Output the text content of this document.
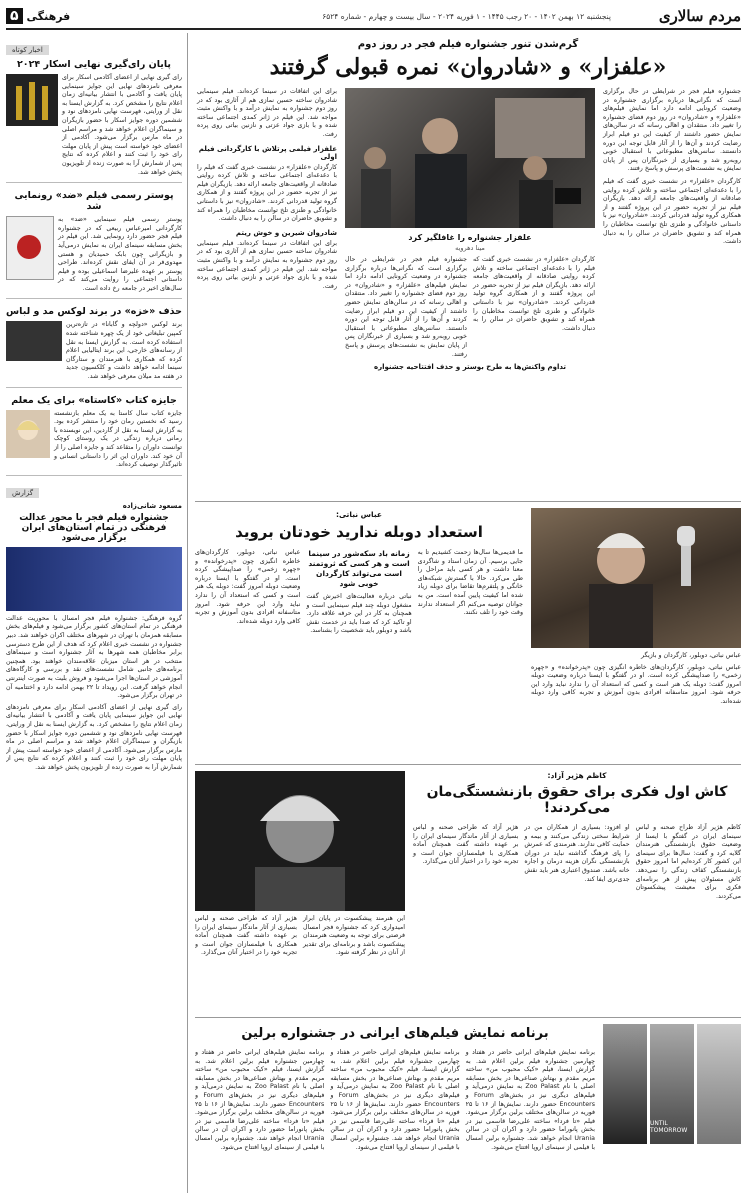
مردم سالاری
پنجشنبه ۱۲ بهمن ۱۴۰۲ - ۲۰ رجب ۱۴۴۵ - ۱ فوریه ۲۰۲۴ - سال بیست و چهارم - شماره ۶۵۲۴
فرهنگی
۵
گرم‌شدن تنور جشنواره فیلم فجر در روز دوم
«علفزار» و «شادروان» نمره قبولی گرفتند
جشنواره فیلم فجر در شرایطی در حال برگزاری است که نگرانی‌ها درباره برگزاری جشنواره در وضعیت کرونایی ادامه دارد اما نمایش فیلم‌های «علفزار» و «شادروان» در روز دوم فضای جشنواره را تغییر داد. منتقدان و اهالی رسانه که در سالن‌های نمایش حضور داشتند از کیفیت این دو فیلم ابراز رضایت کردند و آن‌ها را از آثار قابل توجه این دوره دانستند. سانس‌های مطبوعاتی با استقبال خوبی روبه‌رو شد و بسیاری از خبرنگاران پس از پایان نمایش به نشست‌های پرسش و پاسخ رفتند.
کارگردان «علفزار» در نشست خبری گفت که فیلم را با دغدغه‌ای اجتماعی ساخته و تلاش کرده روایتی صادقانه از واقعیت‌های جامعه ارائه دهد. بازیگران فیلم نیز از تجربه حضور در این پروژه گفتند و از همکاری گروه تولید قدردانی کردند. «شادروان» نیز با داستانی خانوادگی و طنزی تلخ توانست مخاطبان را همراه کند و تشویق حاضران در سالن را به دنبال داشت.
علفزار جشنواره را غافلگیر کرد
مینا دهرویه
کارگردان «علفزار» در نشست خبری گفت که فیلم را با دغدغه‌ای اجتماعی ساخته و تلاش کرده روایتی صادقانه از واقعیت‌های جامعه ارائه دهد. بازیگران فیلم نیز از تجربه حضور در این پروژه گفتند و از همکاری گروه تولید قدردانی کردند. «شادروان» نیز با داستانی خانوادگی و طنزی تلخ توانست مخاطبان را همراه کند و تشویق حاضران در سالن را به دنبال داشت.
جشنواره فیلم فجر در شرایطی در حال برگزاری است که نگرانی‌ها درباره برگزاری جشنواره در وضعیت کرونایی ادامه دارد اما نمایش فیلم‌های «علفزار» و «شادروان» در روز دوم فضای جشنواره را تغییر داد. منتقدان و اهالی رسانه که در سالن‌های نمایش حضور داشتند از کیفیت این دو فیلم ابراز رضایت کردند و آن‌ها را از آثار قابل توجه این دوره دانستند. سانس‌های مطبوعاتی با استقبال خوبی روبه‌رو شد و بسیاری از خبرنگاران پس از پایان نمایش به نشست‌های پرسش و پاسخ رفتند.
تداوم واکنش‌ها به طرح بوستر و حذف افتتاحیه جشنواره
برای این اتفاقات در سینما کرده‌اند. فیلم سینمایی شادروان ساخته حسین نمازی هم از آثاری بود که در روز دوم جشنواره به نمایش درآمد و با واکنش مثبت مواجه شد. این فیلم در ژانر کمدی اجتماعی ساخته شده و با بازی جواد عزتی و نازنین بیاتی روی پرده رفت.
علفزار فیلمی پرتلاش با کارگردانی فیلم اولی
کارگردان «علفزار» در نشست خبری گفت که فیلم را با دغدغه‌ای اجتماعی ساخته و تلاش کرده روایتی صادقانه از واقعیت‌های جامعه ارائه دهد. بازیگران فیلم نیز از تجربه حضور در این پروژه گفتند و از همکاری گروه تولید قدردانی کردند. «شادروان» نیز با داستانی خانوادگی و طنزی تلخ توانست مخاطبان را همراه کند و تشویق حاضران در سالن را به دنبال داشت.
شادروان شیرین و خوش ریتم
برای این اتفاقات در سینما کرده‌اند. فیلم سینمایی شادروان ساخته حسین نمازی هم از آثاری بود که در روز دوم جشنواره به نمایش درآمد و با واکنش مثبت مواجه شد. این فیلم در ژانر کمدی اجتماعی ساخته شده و با بازی جواد عزتی و نازنین بیاتی روی پرده رفت.
عباس نباتی، دوبلور، کارگردان و بازیگر
عباس نباتی، دوبلور، کارگردان‌های خاطره انگیزی چون «پدرخوانده» و «چهره زخمی» را صداپیشگی کرده است. او در گفتگو با ایسنا درباره وضعیت دوبله امروز گفت: دوبله یک هنر است و کسی که استعداد آن را ندارد نباید وارد این حرفه شود. امروز متاسفانه افرادی بدون آموزش و تجربه کافی وارد دوبله شده‌اند.
عباس نباتی:
استعداد دوبله ندارید خودتان بروید
ما قدیمی‌ها سال‌ها زحمت کشیدیم تا به جایی برسیم. آن زمان استاد و شاگردی معنا داشت و هر کسی باید مراحل را طی می‌کرد. حالا با گسترش شبکه‌های خانگی و پلتفرم‌ها تقاضا برای دوبله زیاد شده اما کیفیت پایین آمده است. من به جوانان توصیه می‌کنم اگر استعداد ندارند وقت خود را تلف نکنند.
زمانه باد سکه‌شور در سینما است و هر کسی که ثروتمند است می‌تواند کارگردان خوبی شود
نباتی درباره فعالیت‌های اخیرش گفت مشغول دوبله چند فیلم سینمایی است و همچنان به کار در این حرفه علاقه دارد. او تاکید کرد که صدا باید در خدمت نقش باشد و دوبلور باید شخصیت را بشناسد.
عباس نباتی، دوبلور، کارگردان‌های خاطره انگیزی چون «پدرخوانده» و «چهره زخمی» را صداپیشگی کرده است. او در گفتگو با ایسنا درباره وضعیت دوبله امروز گفت: دوبله یک هنر است و کسی که استعداد آن را ندارد نباید وارد این حرفه شود. امروز متاسفانه افرادی بدون آموزش و تجربه کافی وارد دوبله شده‌اند.
کاظم هژیر آزاد:
کاش اول فکری برای حقوق بازنشستگی‌مان می‌کردند!
کاظم هژیر آزاد طراح صحنه و لباس سینمای ایران در گفتگو با ایسنا از وضعیت حقوق بازنشستگی هنرمندان گلایه کرد و گفت: سال‌ها برای سینمای این کشور کار کرده‌ایم اما امروز حقوق بازنشستگی کفاف زندگی را نمی‌دهد. کاش مسئولان پیش از هر برنامه‌ای فکری برای معیشت پیشکسوتان می‌کردند.
او افزود: بسیاری از همکاران من در شرایط سختی زندگی می‌کنند و بیمه و حمایت کافی ندارند. هنرمندی که عمرش را پای فرهنگ گذاشته نباید در دوران بازنشستگی نگران هزینه درمان و اجاره خانه باشد. صندوق اعتباری هنر باید نقش جدی‌تری ایفا کند.
هژیر آزاد که طراحی صحنه و لباس بسیاری از آثار ماندگار سینمای ایران را بر عهده داشته گفت همچنان آماده همکاری با فیلمسازان جوان است و تجربه خود را در اختیار آنان می‌گذارد.
این هنرمند پیشکسوت در پایان ابراز امیدواری کرد که جشنواره فجر امسال فرصتی برای توجه به وضعیت هنرمندان پیشکسوت باشد و برنامه‌ای برای تقدیر از آنان در نظر گرفته شود.
هژیر آزاد که طراحی صحنه و لباس بسیاری از آثار ماندگار سینمای ایران را بر عهده داشته گفت همچنان آماده همکاری با فیلمسازان جوان است و تجربه خود را در اختیار آنان می‌گذارد.
UNTIL TOMORROW
برنامه نمایش فیلم‌های ایرانی در جشنواره برلین
برنامه نمایش فیلم‌های ایرانی حاضر در هفتاد و چهارمین جشنواره فیلم برلین اعلام شد. به گزارش ایسنا، فیلم «کیک محبوب من» ساخته مریم مقدم و بهتاش صناعی‌ها در بخش مسابقه اصلی با نام Zoo Palast به نمایش درمی‌آید و فیلم‌های دیگری نیز در بخش‌های Forum و Encounters حضور دارند. نمایش‌ها از ۱۶ تا ۲۵ فوریه در سالن‌های مختلف برلین برگزار می‌شود. فیلم «تا فردا» ساخته علی‌رضا قاسمی نیز در بخش پانوراما حضور دارد و اکران آن در سالن Urania انجام خواهد شد. جشنواره برلین امسال با فیلمی از سینمای اروپا افتتاح می‌شود.
برنامه نمایش فیلم‌های ایرانی حاضر در هفتاد و چهارمین جشنواره فیلم برلین اعلام شد. به گزارش ایسنا، فیلم «کیک محبوب من» ساخته مریم مقدم و بهتاش صناعی‌ها در بخش مسابقه اصلی با نام Zoo Palast به نمایش درمی‌آید و فیلم‌های دیگری نیز در بخش‌های Forum و Encounters حضور دارند. نمایش‌ها از ۱۶ تا ۲۵ فوریه در سالن‌های مختلف برلین برگزار می‌شود. فیلم «تا فردا» ساخته علی‌رضا قاسمی نیز در بخش پانوراما حضور دارد و اکران آن در سالن Urania انجام خواهد شد. جشنواره برلین امسال با فیلمی از سینمای اروپا افتتاح می‌شود.
برنامه نمایش فیلم‌های ایرانی حاضر در هفتاد و چهارمین جشنواره فیلم برلین اعلام شد. به گزارش ایسنا، فیلم «کیک محبوب من» ساخته مریم مقدم و بهتاش صناعی‌ها در بخش مسابقه اصلی با نام Zoo Palast به نمایش درمی‌آید و فیلم‌های دیگری نیز در بخش‌های Forum و Encounters حضور دارند. نمایش‌ها از ۱۶ تا ۲۵ فوریه در سالن‌های مختلف برلین برگزار می‌شود. فیلم «تا فردا» ساخته علی‌رضا قاسمی نیز در بخش پانوراما حضور دارد و اکران آن در سالن Urania انجام خواهد شد. جشنواره برلین امسال با فیلمی از سینمای اروپا افتتاح می‌شود.
اخبار کوتاه
پایان رای‌گیری نهایی اسکار ۲۰۲۴
رای گیری نهایی از اعضای آکادمی اسکار برای معرفی نامزدهای نهایی این جوایز سینمایی پایان یافت و آکادمی با انتشار بیانیه‌ای زمان اعلام نتایج را مشخص کرد. به گزارش ایسنا به نقل از ورایتی، فهرست نهایی نامزدهای نود و ششمین دوره جوایز اسکار با حضور بازیگران و سینماگران اعلام خواهد شد و مراسم اصلی در ماه مارس برگزار می‌شود. آکادمی از اعضای خود خواسته است پیش از پایان مهلت رای خود را ثبت کنند و اعلام کرده که نتایج پس از شمارش آرا به صورت زنده از تلویزیون پخش خواهد شد.
پوستر رسمی فیلم «ضد» رونمایی شد
پوستر رسمی فیلم سینمایی «ضد» به کارگردانی امیرعباس ربیعی که در جشنواره فیلم فجر حضور دارد رونمایی شد. این فیلم در بخش مسابقه سینمای ایران به نمایش درمی‌آید و بازیگرانی چون بابک حمیدیان و هستی مهدوی‌فر در آن ایفای نقش کرده‌اند. طراحی پوستر بر عهده علیرضا اسماعیلی بوده و فیلم داستانی اجتماعی را روایت می‌کند که در سال‌های اخیر در جامعه رخ داده است.
حذف «خزه» در برند لوکس مد و لباس
برند لوکس «دولچه و گابانا» در تازه‌ترین کمپین تبلیغاتی خود از یک چهره شناخته شده استفاده کرده است. به گزارش ایسنا به نقل از رسانه‌های خارجی، این برند ایتالیایی اعلام کرده که همکاری با هنرمندان و ستارگان سینما ادامه خواهد داشت و کلکسیون جدید در هفته مد میلان معرفی خواهد شد.
جایزه کتاب «کاستاه» برای یک معلم
جایزه کتاب سال کاستا به یک معلم بازنشسته رسید که نخستین رمان خود را منتشر کرده بود. به گزارش ایسنا به نقل از گاردین، این نویسنده با رمانی درباره زندگی در یک روستای کوچک توانست داوران را متقاعد کند و جایزه اصلی را از آن خود کند. داوران این اثر را داستانی انسانی و تاثیرگذار توصیف کرده‌اند.
گزارش
مسعود شانی‌زاده
جشنواره فیلم فجر با محور عدالت فرهنگی در تمام استان‌های ایران برگزار می‌شود
گروه فرهنگی: جشنواره فیلم فجر امسال با محوریت عدالت فرهنگی در تمام استان‌های کشور برگزار می‌شود و فیلم‌های بخش مسابقه همزمان با تهران در شهرهای مختلف اکران خواهند شد. دبیر جشنواره در نشست خبری اعلام کرد که هدف از این طرح دسترسی برابر مخاطبان همه شهرها به آثار جشنواره است و سینماهای منتخب در هر استان میزبان علاقه‌مندان خواهند بود. همچنین برنامه‌های جانبی شامل نشست‌های نقد و بررسی و کارگاه‌های آموزشی در استان‌ها اجرا می‌شود و فروش بلیت به صورت اینترنتی انجام خواهد گرفت. این رویداد تا ۲۲ بهمن ادامه دارد و اختتامیه آن در تهران برگزار می‌شود.
رای گیری نهایی از اعضای آکادمی اسکار برای معرفی نامزدهای نهایی این جوایز سینمایی پایان یافت و آکادمی با انتشار بیانیه‌ای زمان اعلام نتایج را مشخص کرد. به گزارش ایسنا به نقل از ورایتی، فهرست نهایی نامزدهای نود و ششمین دوره جوایز اسکار با حضور بازیگران و سینماگران اعلام خواهد شد و مراسم اصلی در ماه مارس برگزار می‌شود. آکادمی از اعضای خود خواسته است پیش از پایان مهلت رای خود را ثبت کنند و اعلام کرده که نتایج پس از شمارش آرا به صورت زنده از تلویزیون پخش خواهد شد.
